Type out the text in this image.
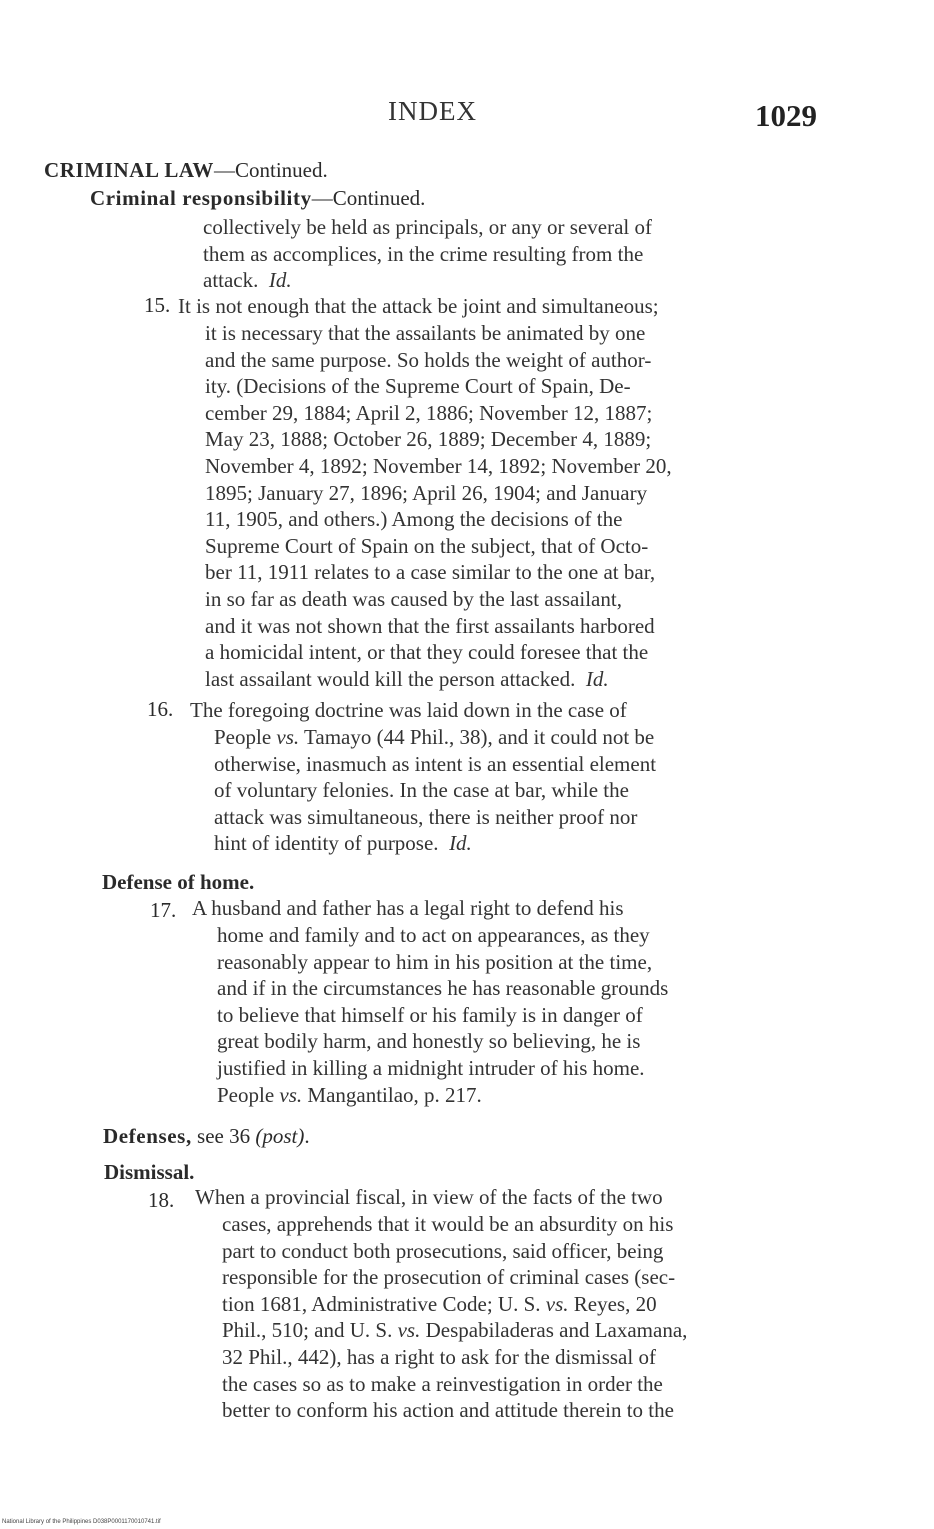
INDEX	1029
CRIMINAL LAW—Continued.
Criminal responsibility—Continued.
collectively be held as principals, or any or several of
them as accomplices, in the crime resulting from the
attack. Id.
15. It is not enough that the attack be joint and simultaneous;
it is necessary that the assailants be animated by one
and the same purpose. So holds the weight of author-
ity. (Decisions of the Supreme Court of Spain, De-
cember 29, 1884; April 2, 1886; November 12, 1887;
May 23, 1888; October 26, 1889; December 4, 1889;
November 4, 1892; November 14, 1892; November 20,
1895; January 27, 1896; April 26, 1904; and January
11, 1905, and others.) Among the decisions of the
Supreme Court of Spain on the subject, that of Octo-
ber 11, 1911 relates to a case similar to the one at bar,
in so far as death was caused by the last assailant,
and it was not shown that the first assailants harbored
a homicidal intent, or that they could foresee that the
last assailant would kill the person attacked. Id.
16. The foregoing doctrine was laid down in the case of
People vs. Tamayo (44 Phil., 38), and it could not be
otherwise, inasmuch as intent is an essential element
of voluntary felonies. In the case at bar, while the
attack was simultaneous, there is neither proof nor
hint of identity of purpose. Id.
Defense of home.
17. A husband and father has a legal right to defend his
home and family and to act on appearances, as they
reasonably appear to him in his position at the time,
and if in the circumstances he has reasonable grounds
to believe that himself or his family is in danger of
great bodily harm, and honestly so believing, he is
justified in killing a midnight intruder of his home.
People vs. Mangantilao, p. 217.
Defenses, see 36 (post).
Dismissal.
18. When a provincial fiscal, in view of the facts of the two
cases, apprehends that it would be an absurdity on his
part to conduct both prosecutions, said officer, being
responsible for the prosecution of criminal cases (sec-
tion 1681, Administrative Code; U. S. vs. Reyes, 20
Phil., 510; and U. S. vs. Despabiladeras and Laxamana,
32 Phil., 442), has a right to ask for the dismissal of
the cases so as to make a reinvestigation in order the
better to conform his action and attitude therein to the
National Library of the Philippines D038P0001170010741.tif
